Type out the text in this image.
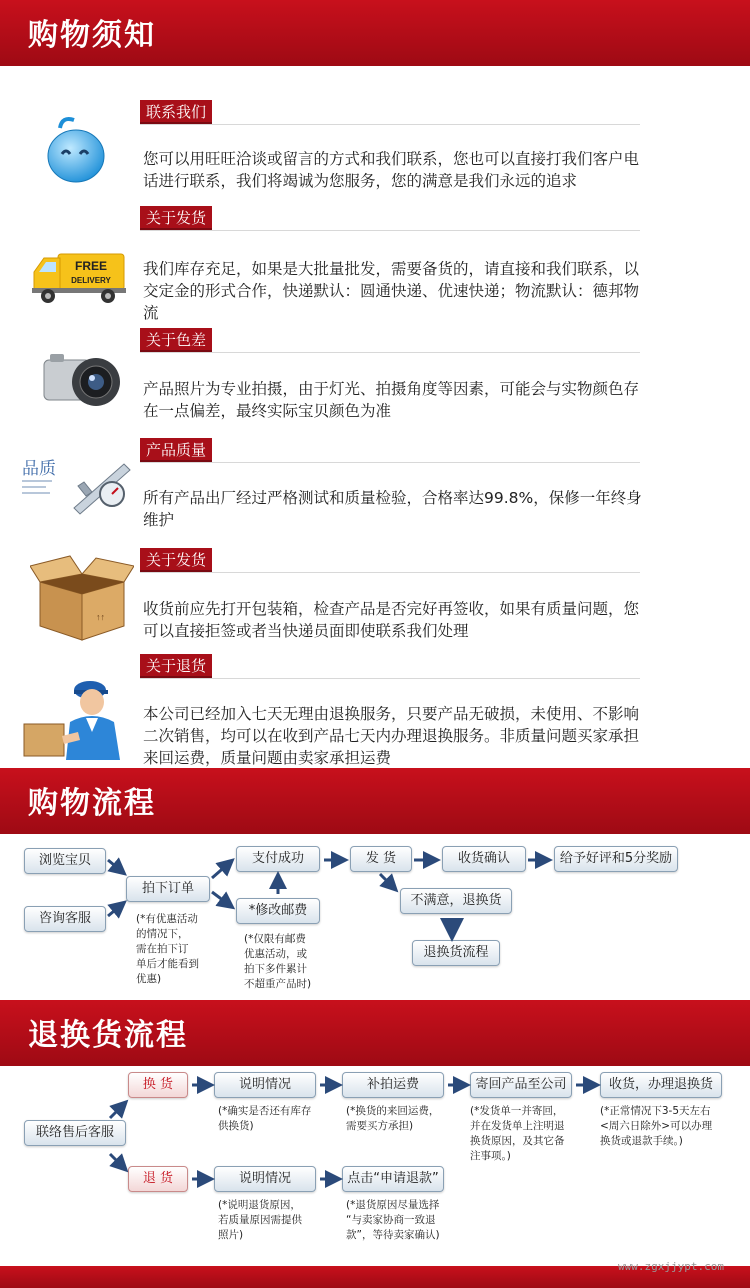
购物须知
联系我们
您可以用旺旺洽谈或留言的方式和我们联系，您也可以直接打我们客户电话进行联系，我们将竭诚为您服务，您的满意是我们永远的追求
关于发货
FREE
DELIVERY
我们库存充足，如果是大批量批发，需要备货的，请直接和我们联系，以交定金的形式合作，快递默认：圆通快递、优速快递；物流默认：德邦物流
关于色差
产品照片为专业拍摄，由于灯光、拍摄角度等因素，可能会与实物颜色存在一点偏差，最终实际宝贝颜色为准
产品质量
品质
所有产品出厂经过严格测试和质量检验，合格率达99.8%，保修一年终身维护
关于发货
↑↑ 收货前应先打开包装箱，检查产品是否完好再签收，如果有质量问题，您可以直接拒签或者当快递员面即使联系我们处理
关于退货
本公司已经加入七天无理由退换服务，只要产品无破损，未使用、不影响二次销售，均可以在收到产品七天内办理退换服务。非质量问题买家承担来回运费，质量问题由卖家承担运费
购物流程
浏览宝贝
咨询客服
拍下订单
(*有优惠活动
的情况下，
需在拍下订
单后才能看到
优惠)
支付成功
*修改邮费
(*仅限有邮费
优惠活动，或
拍下多件累计
不超重产品时)
发 货	收货确认	给予好评和5分奖励
不满意，退换货
退换货流程
退换货流程
联络售后客服
换 货
退 货
说明情况
(*确实是否还有库存
供换货)
补拍运费
(*换货的来回运费，
需要买方承担)
寄回产品至公司
(*发货单一并寄回，
并在发货单上注明退
换货原因，及其它备
注事项。)
收货，办理退换货
(*正常情况下3-5天左右
<周六日除外>可以办理
换货或退款手续。)
说明情况
(*说明退货原因，
若质量原因需提供
照片)
点击“申请退款”
(*退货原因尽量选择
“与卖家协商一致退
款”，等待卖家确认)
www.zgxjjypt.com
